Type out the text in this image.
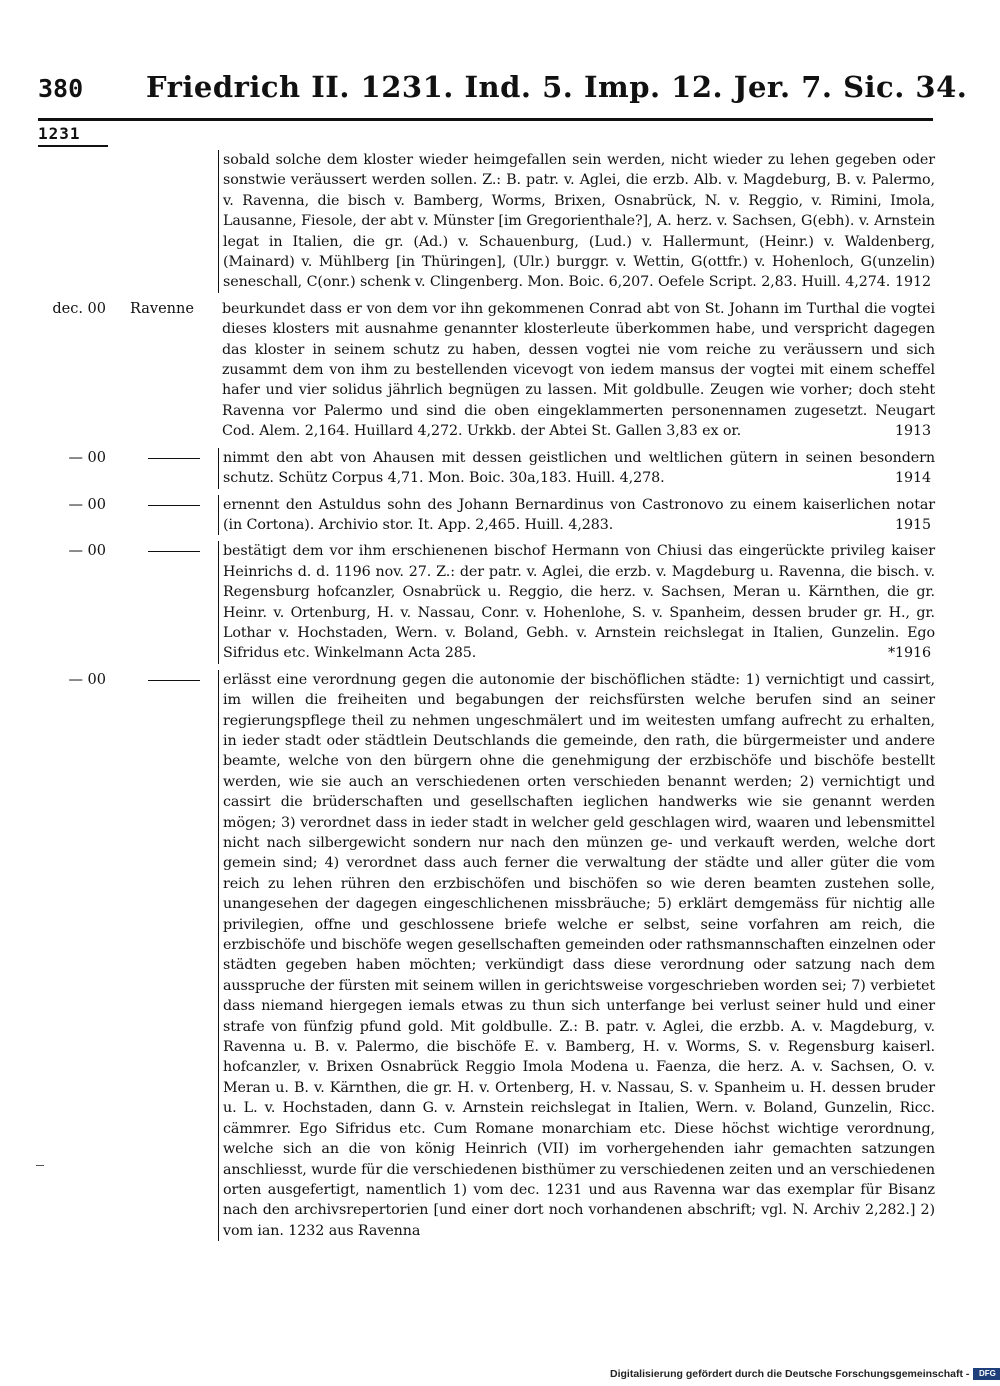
380 Friedrich II. 1231. Ind. 5. Imp. 12. Jer. 7. Sic. 34.
1231

sobald solche dem kloster wieder heimgefallen sein werden, nicht wieder zu lehen gegeben oder sonstwie veräussert werden sollen. Z.: B. patr. v. Aglei, die erzb. Alb. v. Magdeburg, B. v. Palermo, v. Ravenna, die bisch v. Bamberg, Worms, Brixen, Osnabrück, N. v. Reggio, v. Rimini, Imola, Lausanne, Fiesole, der abt v. Münster [im Gregorienthale?], A. herz. v. Sachsen, G(ebh). v. Arnstein legat in Italien, die gr. (Ad.) v. Schauenburg, (Lud.) v. Hallermunt, (Heinr.) v. Waldenberg, (Mainard) v. Mühlberg [in Thüringen], (Ulr.) burggr. v. Wettin, G(ottfr.) v. Hohenloch, G(unzelin) seneschall, C(onr.) schenk v. Clingenberg. Mon. Boic. 6,207. Oefele Script. 2,83. Huill. 4,274. 1912

dec. 00	Ravenne	beurkundet dass er von dem vor ihn gekommenen Conrad abt von St. Johann im Turthal die vogtei dieses klosters mit ausnahme genannter klosterleute überkommen habe, und verspricht dagegen das kloster in seinem schutz zu haben, dessen vogtei nie vom reiche zu veräussern und sich zusammt dem von ihm zu bestellenden vicevogt von iedem mansus der vogtei mit einem scheffel hafer und vier solidus jährlich begnügen zu lassen. Mit goldbulle. Zeugen wie vorher; doch steht Ravenna vor Palermo und sind die oben eingeklammerten personennamen zugesetzt. Neugart Cod. Alem. 2,164. Huillard 4,272. Urkkb. der Abtei St. Gallen 3,83 ex or.	1913

— 00	nimmt den abt von Ahausen mit dessen geistlichen und weltlichen gütern in seinen besondern schutz. Schütz Corpus 4,71. Mon. Boic. 30a,183. Huill. 4,278.	1914

— 00	ernennt den Astuldus sohn des Johann Bernardinus von Castronovo zu einem kaiserlichen notar (in Cortona). Archivio stor. It. App. 2,465. Huill. 4,283.	1915

— 00	bestätigt dem vor ihm erschienenen bischof Hermann von Chiusi das eingerückte privileg kaiser Heinrichs d. d. 1196 nov. 27. Z.: der patr. v. Aglei, die erzb. v. Magdeburg u. Ravenna, die bisch. v. Regensburg hofcanzler, Osnabrück u. Reggio, die herz. v. Sachsen, Meran u. Kärnthen, die gr. Heinr. v. Ortenburg, H. v. Nassau, Conr. v. Hohenlohe, S. v. Spanheim, dessen bruder gr. H., gr. Lothar v. Hochstaden, Wern. v. Boland, Gebh. v. Arnstein reichslegat in Italien, Gunzelin. Ego Sifridus etc. Winkelmann Acta 285.	*1916

— 00	erlässt eine verordnung gegen die autonomie der bischöflichen städte: 1) vernichtigt und cassirt, im willen die freiheiten und begabungen der reichsfürsten welche berufen sind an seiner regierungspflege theil zu nehmen ungeschmälert und im weitesten umfang aufrecht zu erhalten, in ieder stadt oder städtlein Deutschlands die gemeinde, den rath, die bürgermeister und andere beamte, welche von den bürgern ohne die genehmigung der erzbischöfe und bischöfe bestellt werden, wie sie auch an verschiedenen orten verschieden benannt werden; 2) vernichtigt und cassirt die brüderschaften und gesellschaften ieglichen handwerks wie sie genannt werden mögen; 3) verordnet dass in ieder stadt in welcher geld geschlagen wird, waaren und lebensmittel nicht nach silbergewicht sondern nur nach den münzen ge- und verkauft werden, welche dort gemein sind; 4) verordnet dass auch ferner die verwaltung der städte und aller güter die vom reich zu lehen rühren den erzbischöfen und bischöfen so wie deren beamten zustehen solle, unangesehen der dagegen eingeschlichenen missbräuche; 5) erklärt demgemäss für nichtig alle privilegien, offne und geschlossene briefe welche er selbst, seine vorfahren am reich, die erzbischöfe und bischöfe wegen gesellschaften gemeinden oder rathsmannschaften einzelnen oder städten gegeben haben möchten; verkündigt dass diese verordnung oder satzung nach dem ausspruche der fürsten mit seinem willen in gerichtsweise vorgeschrieben worden sei; 7) verbietet dass niemand hiergegen iemals etwas zu thun sich unterfange bei verlust seiner huld und einer strafe von fünfzig pfund gold. Mit goldbulle. Z.: B. patr. v. Aglei, die erzbb. A. v. Magdeburg, v. Ravenna u. B. v. Palermo, die bischöfe E. v. Bamberg, H. v. Worms, S. v. Regensburg kaiserl. hofcanzler, v. Brixen Osnabrück Reggio Imola Modena u. Faenza, die herz. A. v. Sachsen, O. v. Meran u. B. v. Kärnthen, die gr. H. v. Ortenberg, H. v. Nassau, S. v. Spanheim u. H. dessen bruder u. L. v. Hochstaden, dann G. v. Arnstein reichslegat in Italien, Wern. v. Boland, Gunzelin, Ricc. cämmrer. Ego Sifridus etc. Cum Romane monarchiam etc. Diese höchst wichtige verordnung, welche sich an die von könig Heinrich (VII) im vorhergehenden iahr gemachten satzungen anschliesst, wurde für die verschiedenen bisthümer zu verschiedenen zeiten und an verschiedenen orten ausgefertigt, namentlich 1) vom dec. 1231 und aus Ravenna war das exemplar für Bisanz nach den archivsrepertorien [und einer dort noch vorhandenen abschrift; vgl. N. Archiv 2,282.] 2) vom ian. 1232 aus Ravenna

Digitalisierung gefördert durch die Deutsche Forschungsgemeinschaft -	DFG
